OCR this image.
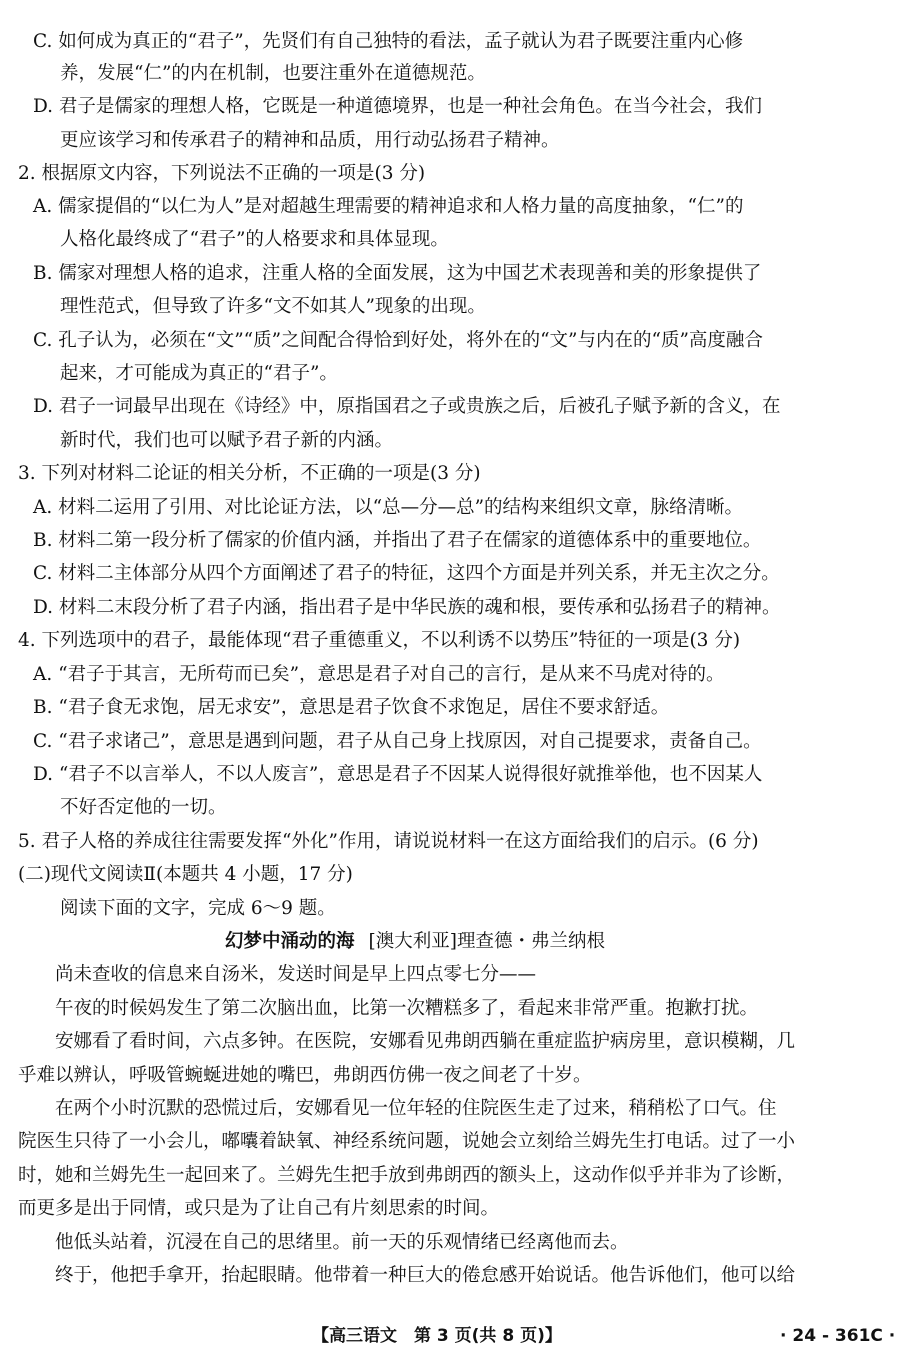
C. 如何成为真正的“君子”，先贤们有自己独特的看法，孟子就认为君子既要注重内心修
养，发展“仁”的内在机制，也要注重外在道德规范。
D. 君子是儒家的理想人格，它既是一种道德境界，也是一种社会角色。在当今社会，我们
更应该学习和传承君子的精神和品质，用行动弘扬君子精神。
2. 根据原文内容，下列说法不正确的一项是(3 分)
A. 儒家提倡的“以仁为人”是对超越生理需要的精神追求和人格力量的高度抽象，“仁”的
人格化最终成了“君子”的人格要求和具体显现。
B. 儒家对理想人格的追求，注重人格的全面发展，这为中国艺术表现善和美的形象提供了
理性范式，但导致了许多“文不如其人”现象的出现。
C. 孔子认为，必须在“文”“质”之间配合得恰到好处，将外在的“文”与内在的“质”高度融合
起来，才可能成为真正的“君子”。
D. 君子一词最早出现在《诗经》中，原指国君之子或贵族之后，后被孔子赋予新的含义，在
新时代，我们也可以赋予君子新的内涵。
3. 下列对材料二论证的相关分析，不正确的一项是(3 分)
A. 材料二运用了引用、对比论证方法，以“总—分—总”的结构来组织文章，脉络清晰。
B. 材料二第一段分析了儒家的价值内涵，并指出了君子在儒家的道德体系中的重要地位。
C. 材料二主体部分从四个方面阐述了君子的特征，这四个方面是并列关系，并无主次之分。
D. 材料二末段分析了君子内涵，指出君子是中华民族的魂和根，要传承和弘扬君子的精神。
4. 下列选项中的君子，最能体现“君子重德重义，不以利诱不以势压”特征的一项是(3 分)
A. “君子于其言，无所苟而已矣”，意思是君子对自己的言行，是从来不马虎对待的。
B. “君子食无求饱，居无求安”，意思是君子饮食不求饱足，居住不要求舒适。
C. “君子求诸己”，意思是遇到问题，君子从自己身上找原因，对自己提要求，责备自己。
D. “君子不以言举人，不以人废言”，意思是君子不因某人说得很好就推举他，也不因某人
不好否定他的一切。
5. 君子人格的养成往往需要发挥“外化”作用，请说说材料一在这方面给我们的启示。(6 分)
(二)现代文阅读Ⅱ(本题共 4 小题，17 分)
阅读下面的文字，完成 6～9 题。
幻梦中涌动的海 [澳大利亚]理查德・弗兰纳根
尚未查收的信息来自汤米，发送时间是早上四点零七分——
午夜的时候妈发生了第二次脑出血，比第一次糟糕多了，看起来非常严重。抱歉打扰。
安娜看了看时间，六点多钟。在医院，安娜看见弗朗西躺在重症监护病房里，意识模糊，几
乎难以辨认，呼吸管蜿蜒进她的嘴巴，弗朗西仿佛一夜之间老了十岁。
在两个小时沉默的恐慌过后，安娜看见一位年轻的住院医生走了过来，稍稍松了口气。住
院医生只待了一小会儿，嘟囔着缺氧、神经系统问题，说她会立刻给兰姆先生打电话。过了一小
时，她和兰姆先生一起回来了。兰姆先生把手放到弗朗西的额头上，这动作似乎并非为了诊断，
而更多是出于同情，或只是为了让自己有片刻思索的时间。
他低头站着，沉浸在自己的思绪里。前一天的乐观情绪已经离他而去。
终于，他把手拿开，抬起眼睛。他带着一种巨大的倦怠感开始说话。他告诉他们，他可以给
【高三语文　第 3 页(共 8 页)】	· 24 - 361C ·
